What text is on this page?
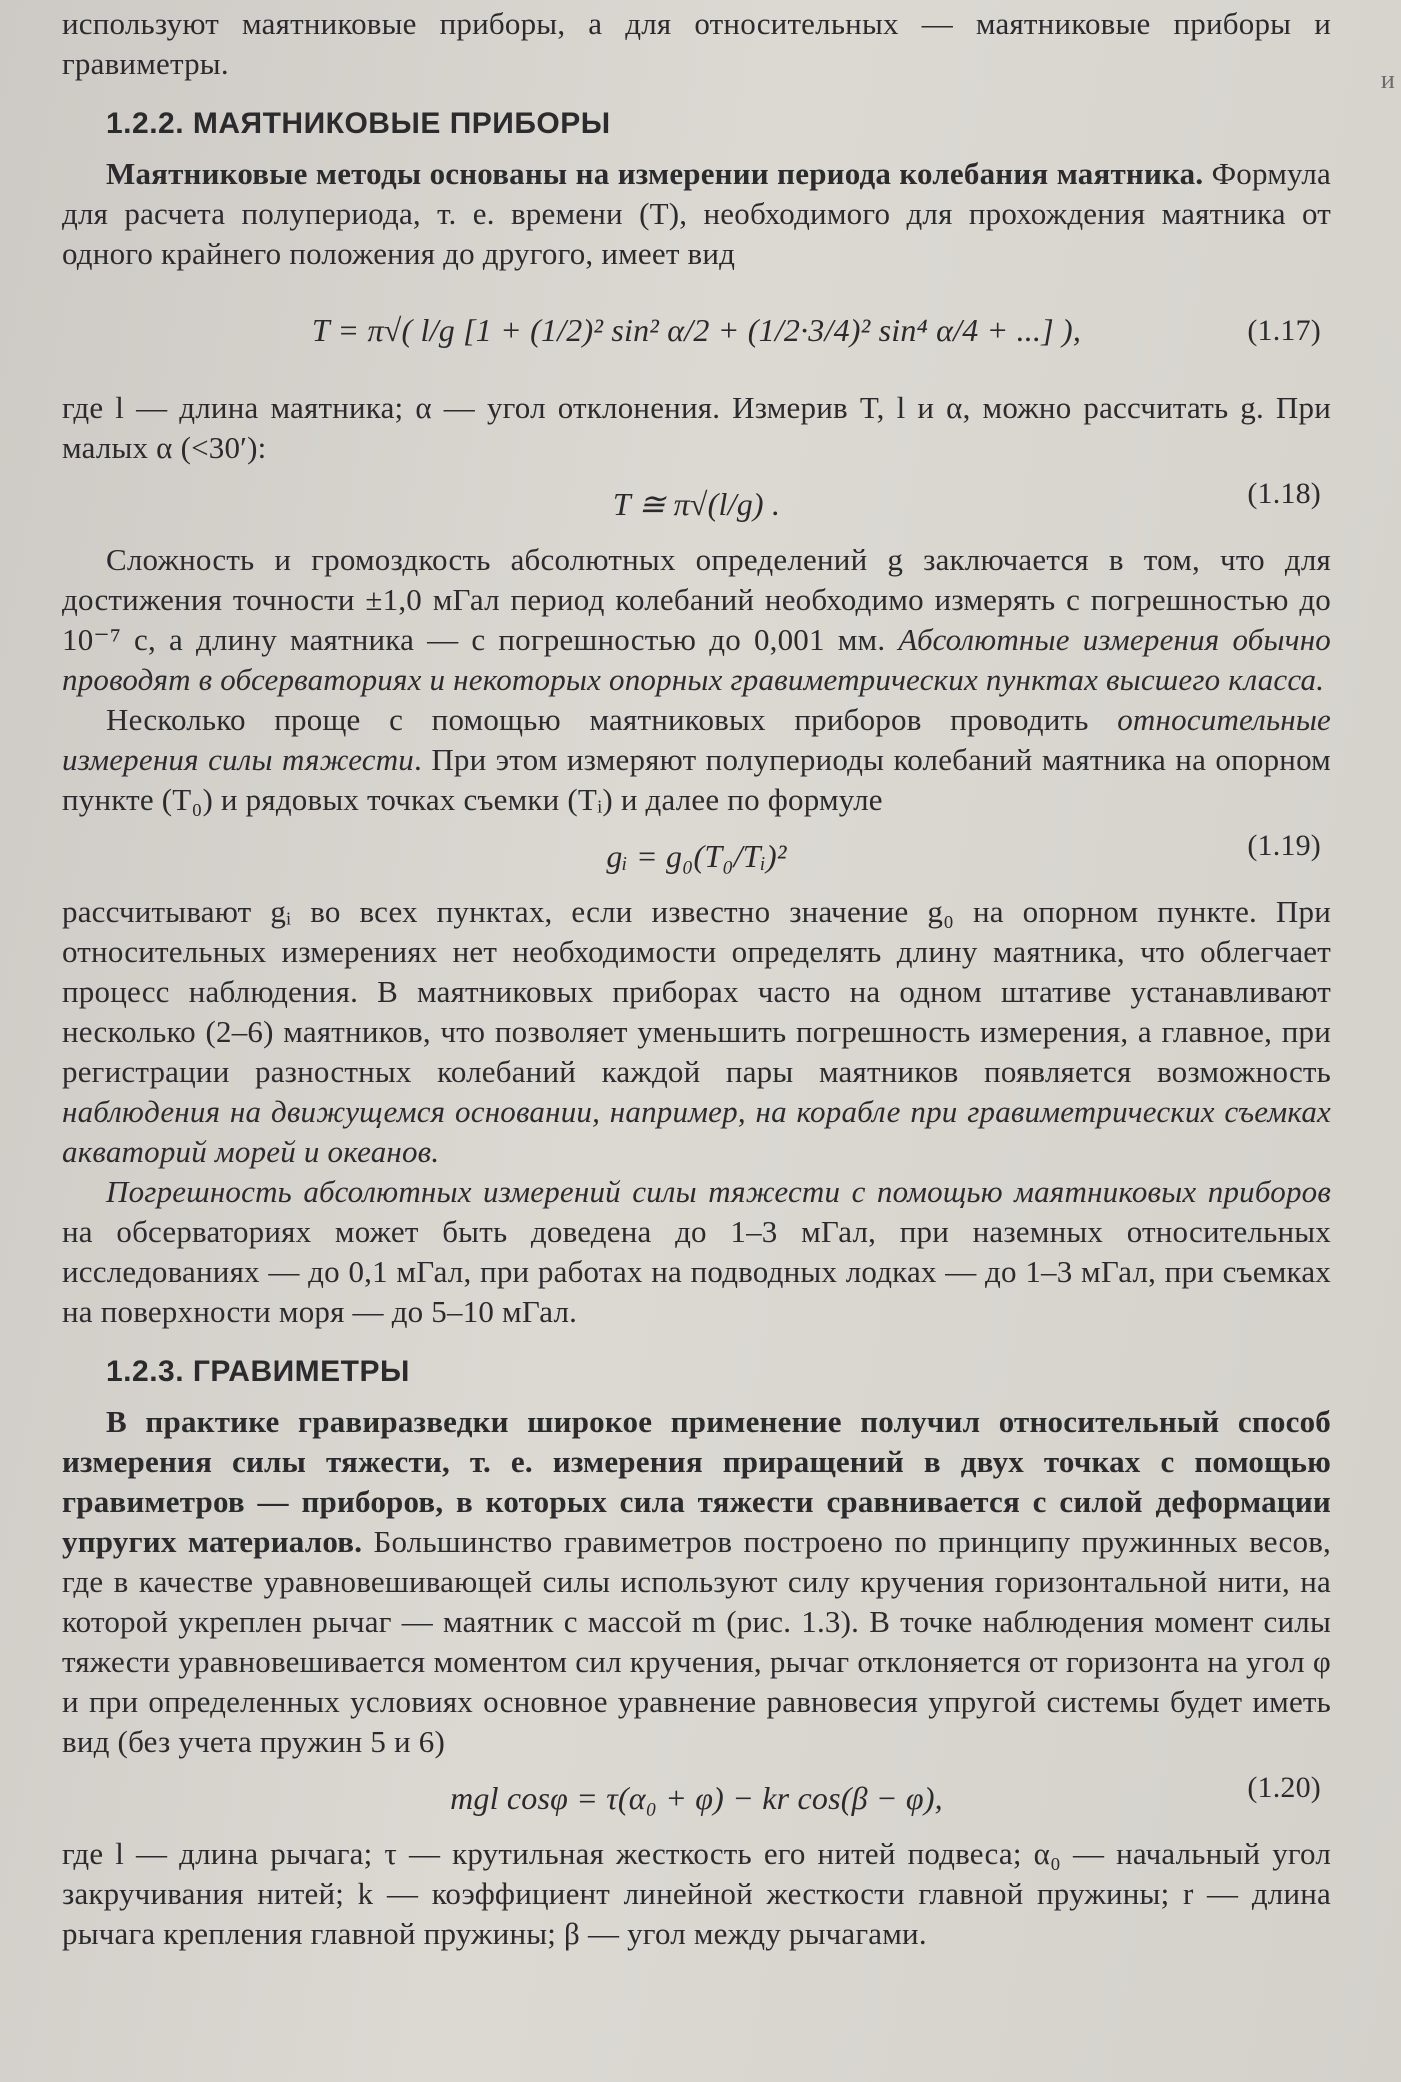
и

используют маятниковые приборы, а для относительных — маятниковые приборы и гравиметры.

1.2.2. МАЯТНИКОВЫЕ ПРИБОРЫ

Маятниковые методы основаны на измерении периода колебания маятника. Формула для расчета полупериода, т. е. времени (T), необходимого для прохождения маятника от одного крайнего положения до другого, имеет вид

T = π√( l/g [1 + (1/2)² sin² α/2 + (1/2·3/4)² sin⁴ α/4 + ...] ),	(1.17)

где l — длина маятника; α — угол отклонения. Измерив T, l и α, можно рассчитать g. При малых α (<30′):

T ≅ π√(l/g) .	(1.18)

Сложность и громоздкость абсолютных определений g заключается в том, что для достижения точности ±1,0 мГал период колебаний необходимо измерять с погрешностью до 10⁻⁷ с, а длину маятника — с погрешностью до 0,001 мм. Абсолютные измерения обычно проводят в обсерваториях и некоторых опорных гравиметрических пунктах высшего класса.

Несколько проще с помощью маятниковых приборов проводить относительные измерения силы тяжести. При этом измеряют полупериоды колебаний маятника на опорном пункте (T₀) и рядовых точках съемки (Tᵢ) и далее по формуле

gᵢ = g₀(T₀/Tᵢ)²	(1.19)

рассчитывают gᵢ во всех пунктах, если известно значение g₀ на опорном пункте. При относительных измерениях нет необходимости определять длину маятника, что облегчает процесс наблюдения. В маятниковых приборах часто на одном штативе устанавливают несколько (2–6) маятников, что позволяет уменьшить погрешность измерения, а главное, при регистрации разностных колебаний каждой пары маятников появляется возможность наблюдения на движущемся основании, например, на корабле при гравиметрических съемках акваторий морей и океанов.

Погрешность абсолютных измерений силы тяжести с помощью маятниковых приборов на обсерваториях может быть доведена до 1–3 мГал, при наземных относительных исследованиях — до 0,1 мГал, при работах на подводных лодках — до 1–3 мГал, при съемках на поверхности моря — до 5–10 мГал.

1.2.3. ГРАВИМЕТРЫ

В практике гравиразведки широкое применение получил относительный способ измерения силы тяжести, т. е. измерения приращений в двух точках с помощью гравиметров — приборов, в которых сила тяжести сравнивается с силой деформации упругих материалов. Большинство гравиметров построено по принципу пружинных весов, где в качестве уравновешивающей силы используют силу кручения горизонтальной нити, на которой укреплен рычаг — маятник с массой m (рис. 1.3). В точке наблюдения момент силы тяжести уравновешивается моментом сил кручения, рычаг отклоняется от горизонта на угол φ и при определенных условиях основное уравнение равновесия упругой системы будет иметь вид (без учета пружин 5 и 6)

mgl cosφ = τ(α₀ + φ) − kr cos(β − φ),	(1.20)

где l — длина рычага; τ — крутильная жесткость его нитей подвеса; α₀ — начальный угол закручивания нитей; k — коэффициент линейной жесткости главной пружины; r — длина рычага крепления главной пружины; β — угол между рычагами.
